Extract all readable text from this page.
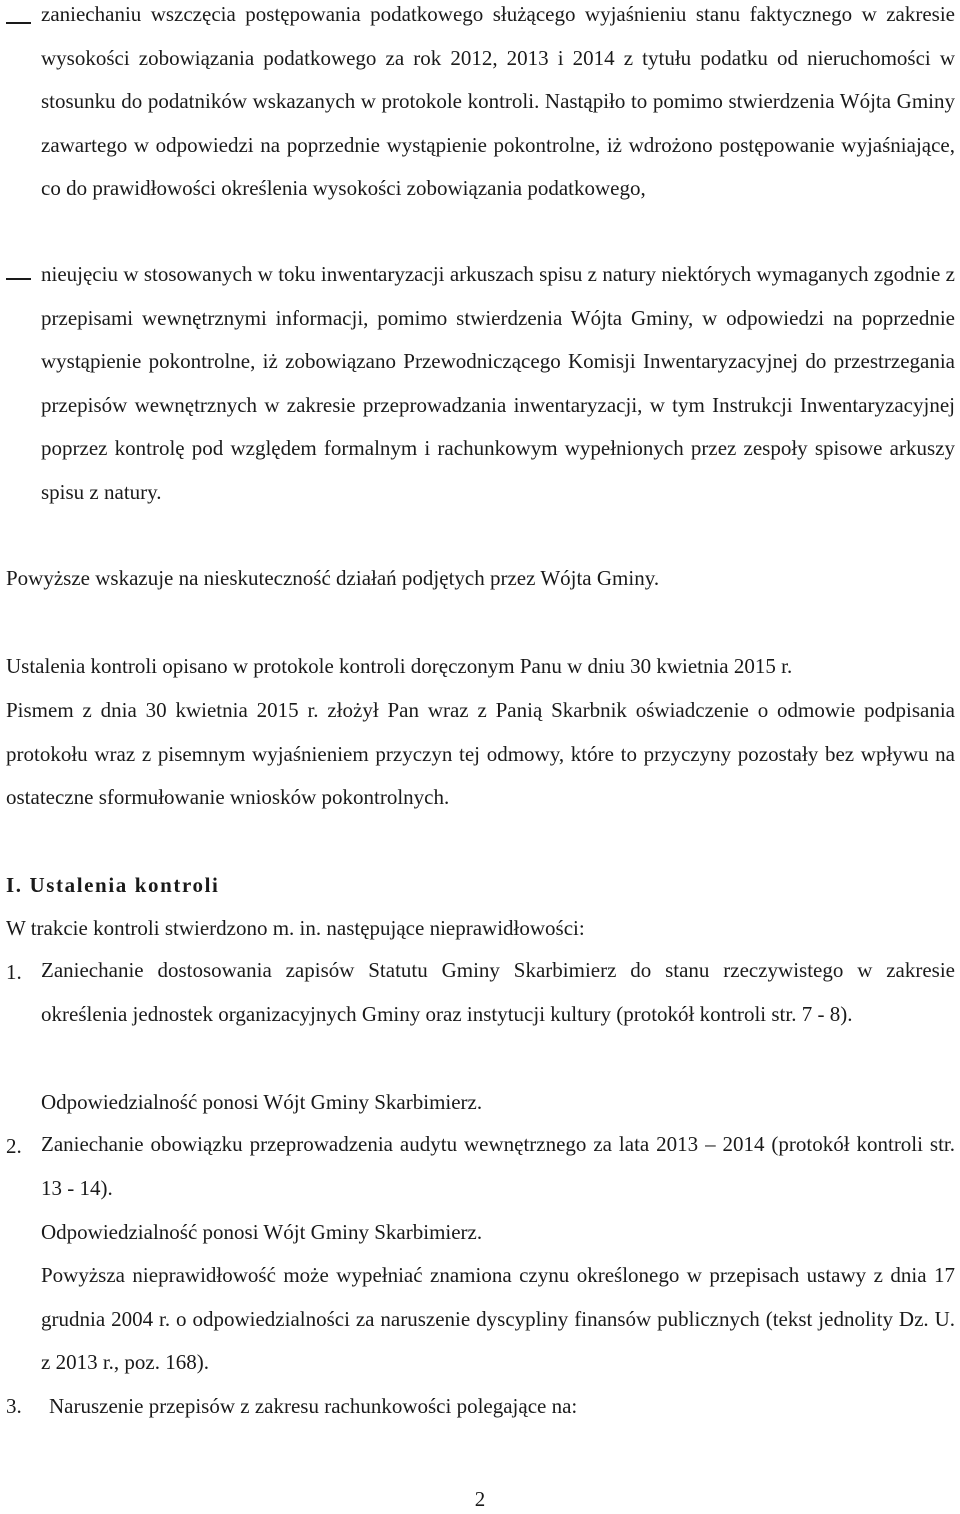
zaniechaniu wszczęcia postępowania podatkowego służącego wyjaśnieniu stanu faktycznego w zakresie wysokości zobowiązania podatkowego za rok 2012, 2013 i 2014 z tytułu podatku od nieruchomości w stosunku do podatników wskazanych w protokole kontroli. Nastąpiło to pomimo stwierdzenia Wójta Gminy zawartego w odpowiedzi na poprzednie wystąpienie pokontrolne, iż wdrożono postępowanie wyjaśniające, co do prawidłowości określenia wysokości zobowiązania podatkowego,

nieujęciu w stosowanych w toku inwentaryzacji arkuszach spisu z natury niektórych wymaganych zgodnie z przepisami wewnętrznymi informacji, pomimo stwierdzenia Wójta Gminy, w odpowiedzi na poprzednie wystąpienie pokontrolne, iż zobowiązano Przewodniczącego Komisji Inwentaryzacyjnej do przestrzegania przepisów wewnętrznych w zakresie przeprowadzania inwentaryzacji, w tym Instrukcji Inwentaryzacyjnej poprzez kontrolę pod względem formalnym i rachunkowym wypełnionych przez zespoły spisowe arkuszy spisu z natury.

Powyższe wskazuje na nieskuteczność działań podjętych przez Wójta Gminy.

Ustalenia kontroli opisano w protokole kontroli doręczonym Panu w dniu 30 kwietnia 2015 r.

Pismem z dnia 30 kwietnia 2015 r. złożył Pan wraz z Panią Skarbnik oświadczenie o odmowie podpisania protokołu wraz z pisemnym wyjaśnieniem przyczyn tej odmowy, które to przyczyny pozostały bez wpływu na ostateczne sformułowanie wniosków pokontrolnych.

I. Ustalenia kontroli

W trakcie kontroli stwierdzono m. in. następujące nieprawidłowości:

1. Zaniechanie dostosowania zapisów Statutu Gminy Skarbimierz do stanu rzeczywistego w zakresie określenia jednostek organizacyjnych Gminy oraz instytucji kultury (protokół kontroli str. 7 - 8).

Odpowiedzialność ponosi Wójt Gminy Skarbimierz.

2. Zaniechanie obowiązku przeprowadzenia audytu wewnętrznego za lata 2013 – 2014 (protokół kontroli str. 13 - 14).

Odpowiedzialność ponosi Wójt Gminy Skarbimierz.

Powyższa nieprawidłowość może wypełniać znamiona czynu określonego w przepisach ustawy z dnia 17 grudnia 2004 r. o odpowiedzialności za naruszenie dyscypliny finansów publicznych (tekst jednolity Dz. U. z 2013 r., poz. 168).

3. Naruszenie przepisów z zakresu rachunkowości polegające na:

2
